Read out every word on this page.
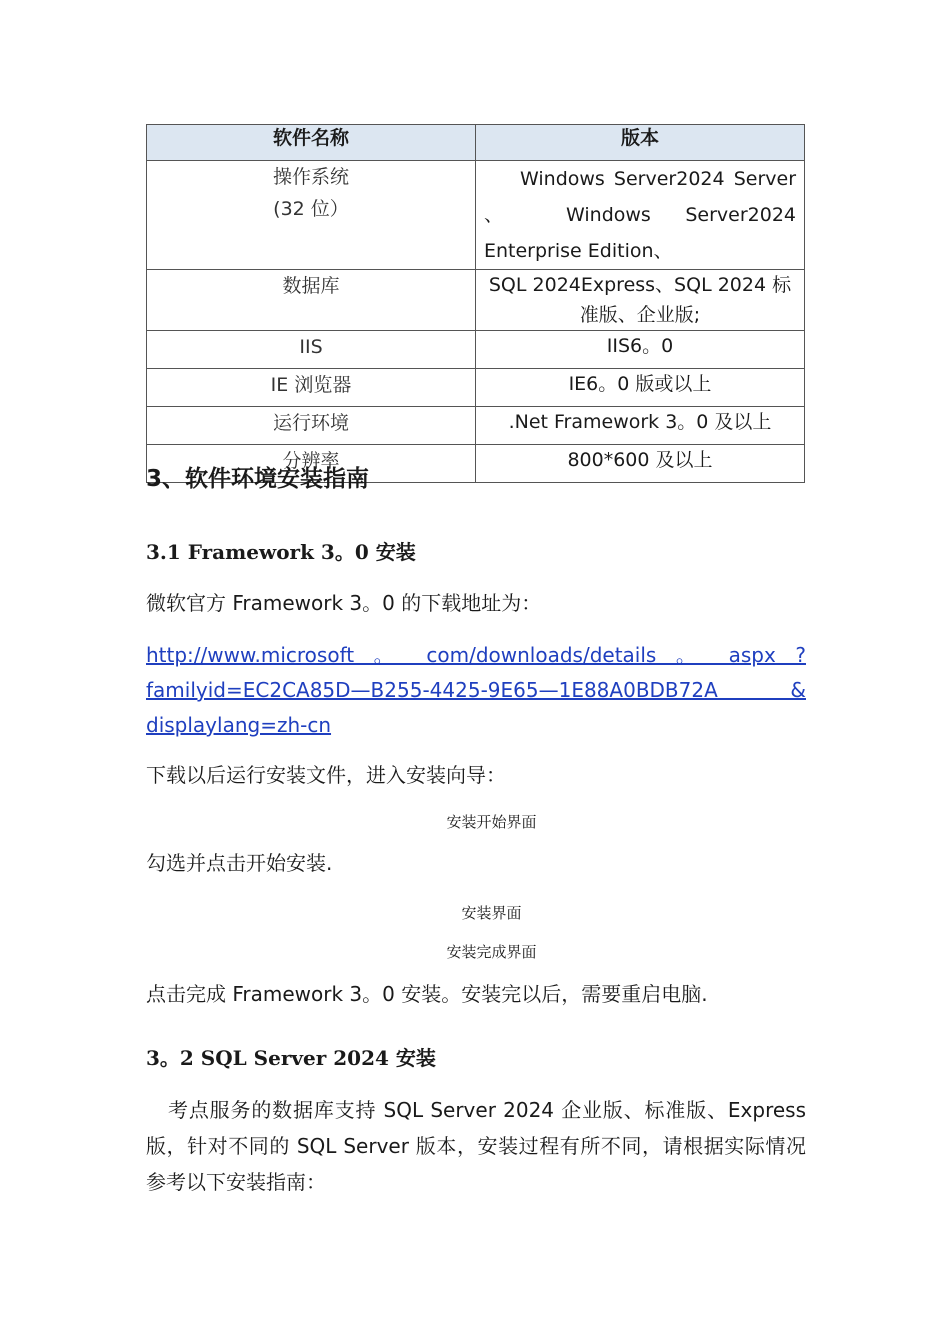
软件名称	版本

操作系统
(32 位）	Windows Server2024 Server 、 Windows Server2024 Enterprise Edition、
数据库	SQL 2024Express、SQL 2024 标准版、企业版;
IIS	IIS6。0
IE 浏览器	IE6。0 版或以上
运行环境	.Net Framework 3。0 及以上
分辨率	800*600 及以上
3、软件环境安装指南
3.1 Framework 3。0 安装
微软官方 Framework 3。0 的下载地址为：
http://www.microsoft 。 com/downloads/details 。 aspx ? familyid=EC2CA85D—B255-4425-9E65—1E88A0BDB72A & displaylang=zh-cn
下载以后运行安装文件，进入安装向导：
安装开始界面
勾选并点击开始安装.
安装界面
安装完成界面
点击完成 Framework 3。0 安装。安装完以后，需要重启电脑.
3。2 SQL Server 2024 安装
考点服务的数据库支持 SQL Server 2024 企业版、标准版、Express 版，针对不同的 SQL Server 版本，安装过程有所不同，请根据实际情况参考以下安装指南：
